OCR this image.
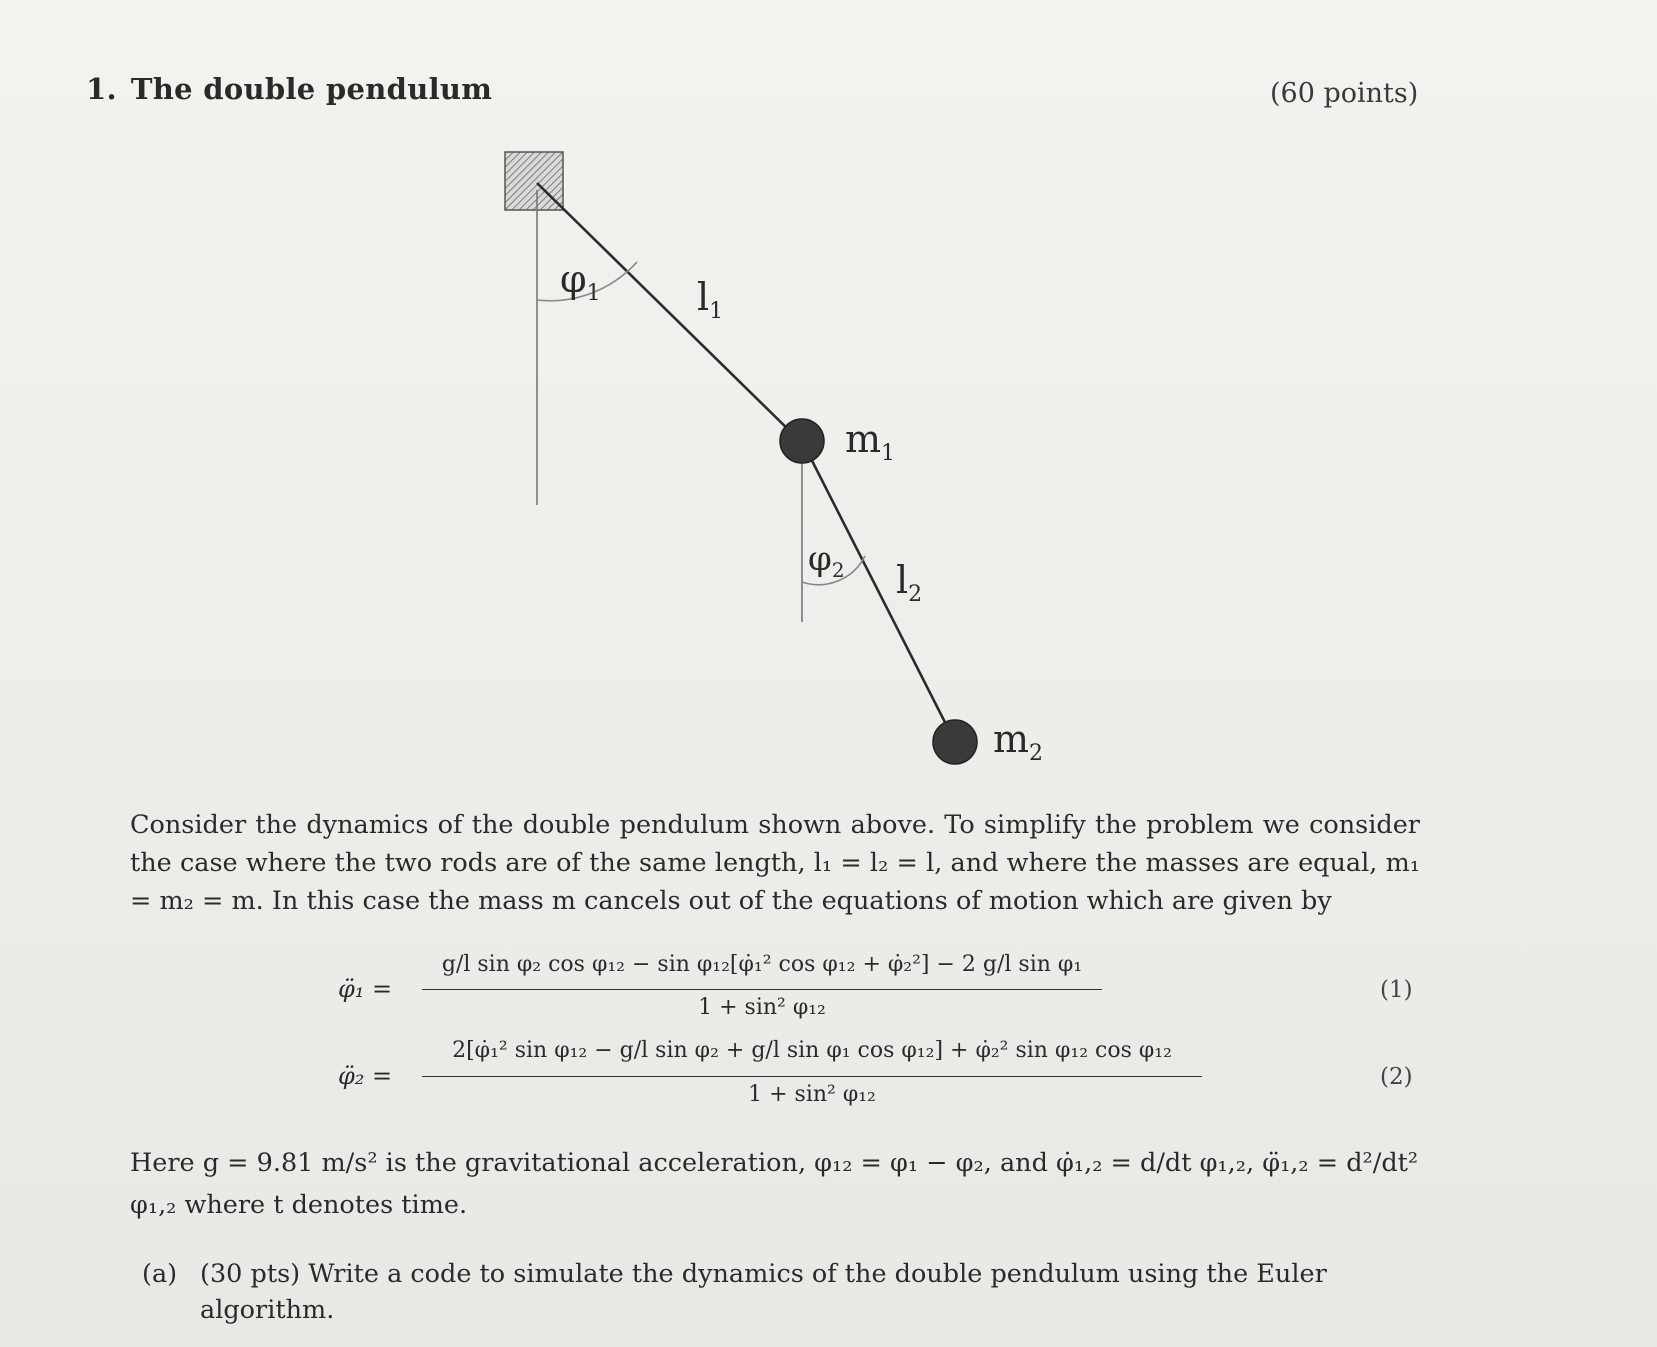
1. The double pendulum	(60 points)
$\varphi_1$	$l_1$
$m_1$
$\varphi_2$ $l_2$
$m_2$
Consider the dynamics of the double pendulum shown above. To simplify the problem we consider the case where the two rods are of the same length, l₁ = l₂ = l, and where the masses are equal, m₁ = m₂ = m. In this case the mass m cancels out of the equations of motion which are given by
φ̈₁ =
g/l sin φ₂ cos φ₁₂ − sin φ₁₂[φ̇₁² cos φ₁₂ + φ̇₂²] − 2 g/l sin φ₁
1 + sin² φ₁₂
(1)
φ̈₂ =
2[φ̇₁² sin φ₁₂ − g/l sin φ₂ + g/l sin φ₁ cos φ₁₂] + φ̇₂² sin φ₁₂ cos φ₁₂
1 + sin² φ₁₂
(2)
Here g = 9.81 m/s² is the gravitational acceleration, φ₁₂ = φ₁ − φ₂, and φ̇₁,₂ = d/dt φ₁,₂, φ̈₁,₂ = d²/dt² φ₁,₂ where t denotes time.
(a) (30 pts) Write a code to simulate the dynamics of the double pendulum using the Euler algorithm.
